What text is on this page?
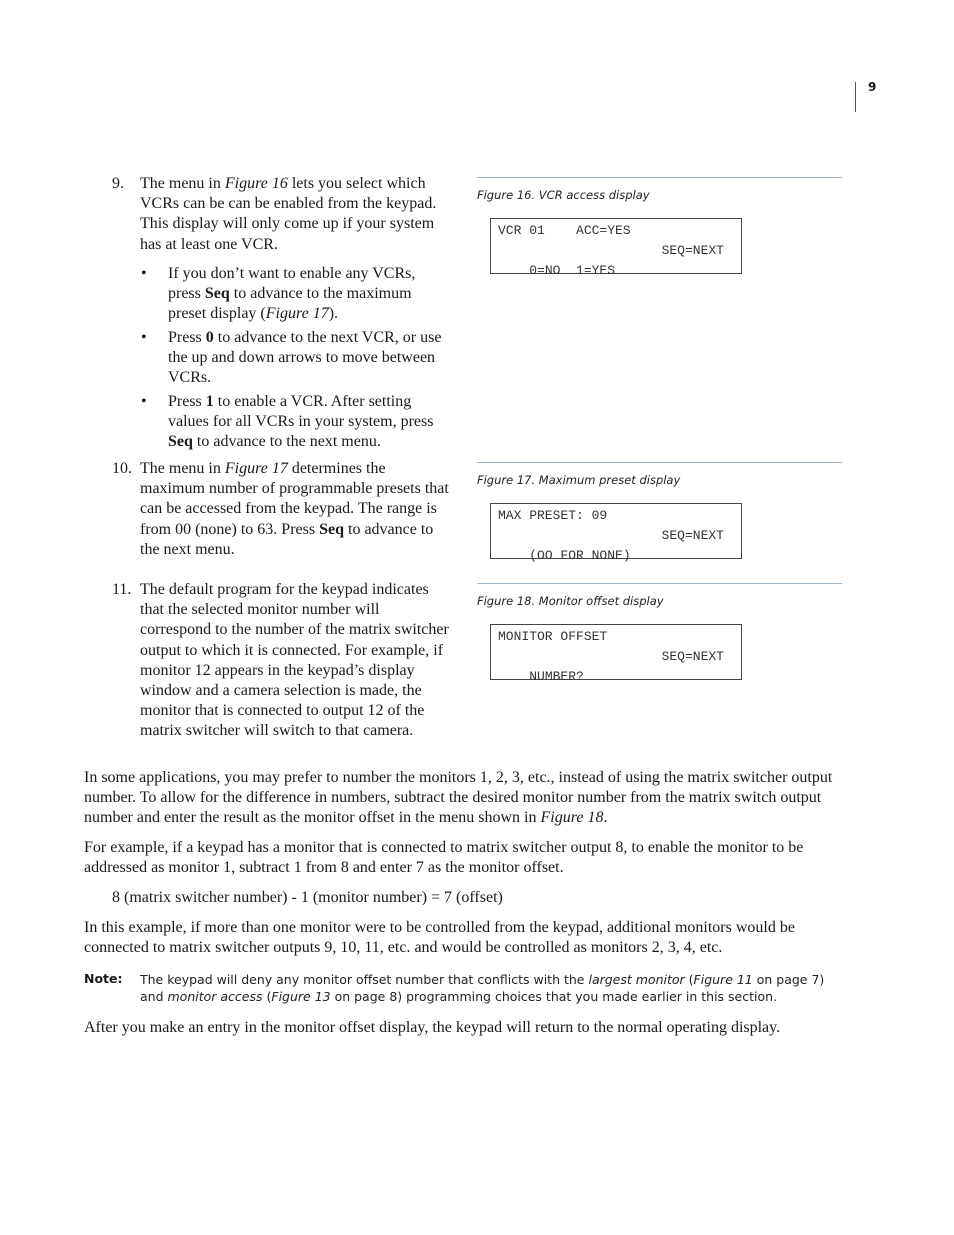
9
9. The menu in Figure 16 lets you select which VCRs can be can be enabled from the keypad. This display will only come up if your system has at least one VCR.
• If you don’t want to enable any VCRs, press Seq to advance to the maximum preset display (Figure 17).
• Press 0 to advance to the next VCR, or use the up and down arrows to move between VCRs.
• Press 1 to enable a VCR. After setting values for all VCRs in your system, press Seq to advance to the next menu.
10. The menu in Figure 17 determines the maximum number of programmable presets that can be accessed from the keypad. The range is from 00 (none) to 63. Press Seq to advance to the next menu.
11. The default program for the keypad indicates that the selected monitor number will correspond to the number of the matrix switcher output to which it is connected. For example, if monitor 12 appears in the keypad’s display window and a camera selection is made, the monitor that is connected to output 12 of the matrix switcher will switch to that camera.
Figure 16. VCR access display
VCR 01    ACC=YES

0=NO  1=YES

SEQ=NEXT

Figure 17. Maximum preset display
MAX PRESET: 09

(OO FOR NONE)

SEQ=NEXT

Figure 18. Monitor offset display
MONITOR OFFSET

NUMBER?

SEQ=NEXT

In some applications, you may prefer to number the monitors 1, 2, 3, etc., instead of using the matrix switcher output number. To allow for the difference in numbers, subtract the desired monitor number from the matrix switch output number and enter the result as the monitor offset in the menu shown in Figure 18.
For example, if a keypad has a monitor that is connected to matrix switcher output 8, to enable the monitor to be addressed as monitor 1, subtract 1 from 8 and enter 7 as the monitor offset.
8 (matrix switcher number) - 1 (monitor number) = 7 (offset)
In this example, if more than one monitor were to be controlled from the keypad, additional monitors would be connected to matrix switcher outputs 9, 10, 11, etc. and would be controlled as monitors 2, 3, 4, etc.
Note: The keypad will deny any monitor offset number that conflicts with the largest monitor (Figure 11 on page 7) and monitor access (Figure 13 on page 8) programming choices that you made earlier in this section.
After you make an entry in the monitor offset display, the keypad will return to the normal operating display.
